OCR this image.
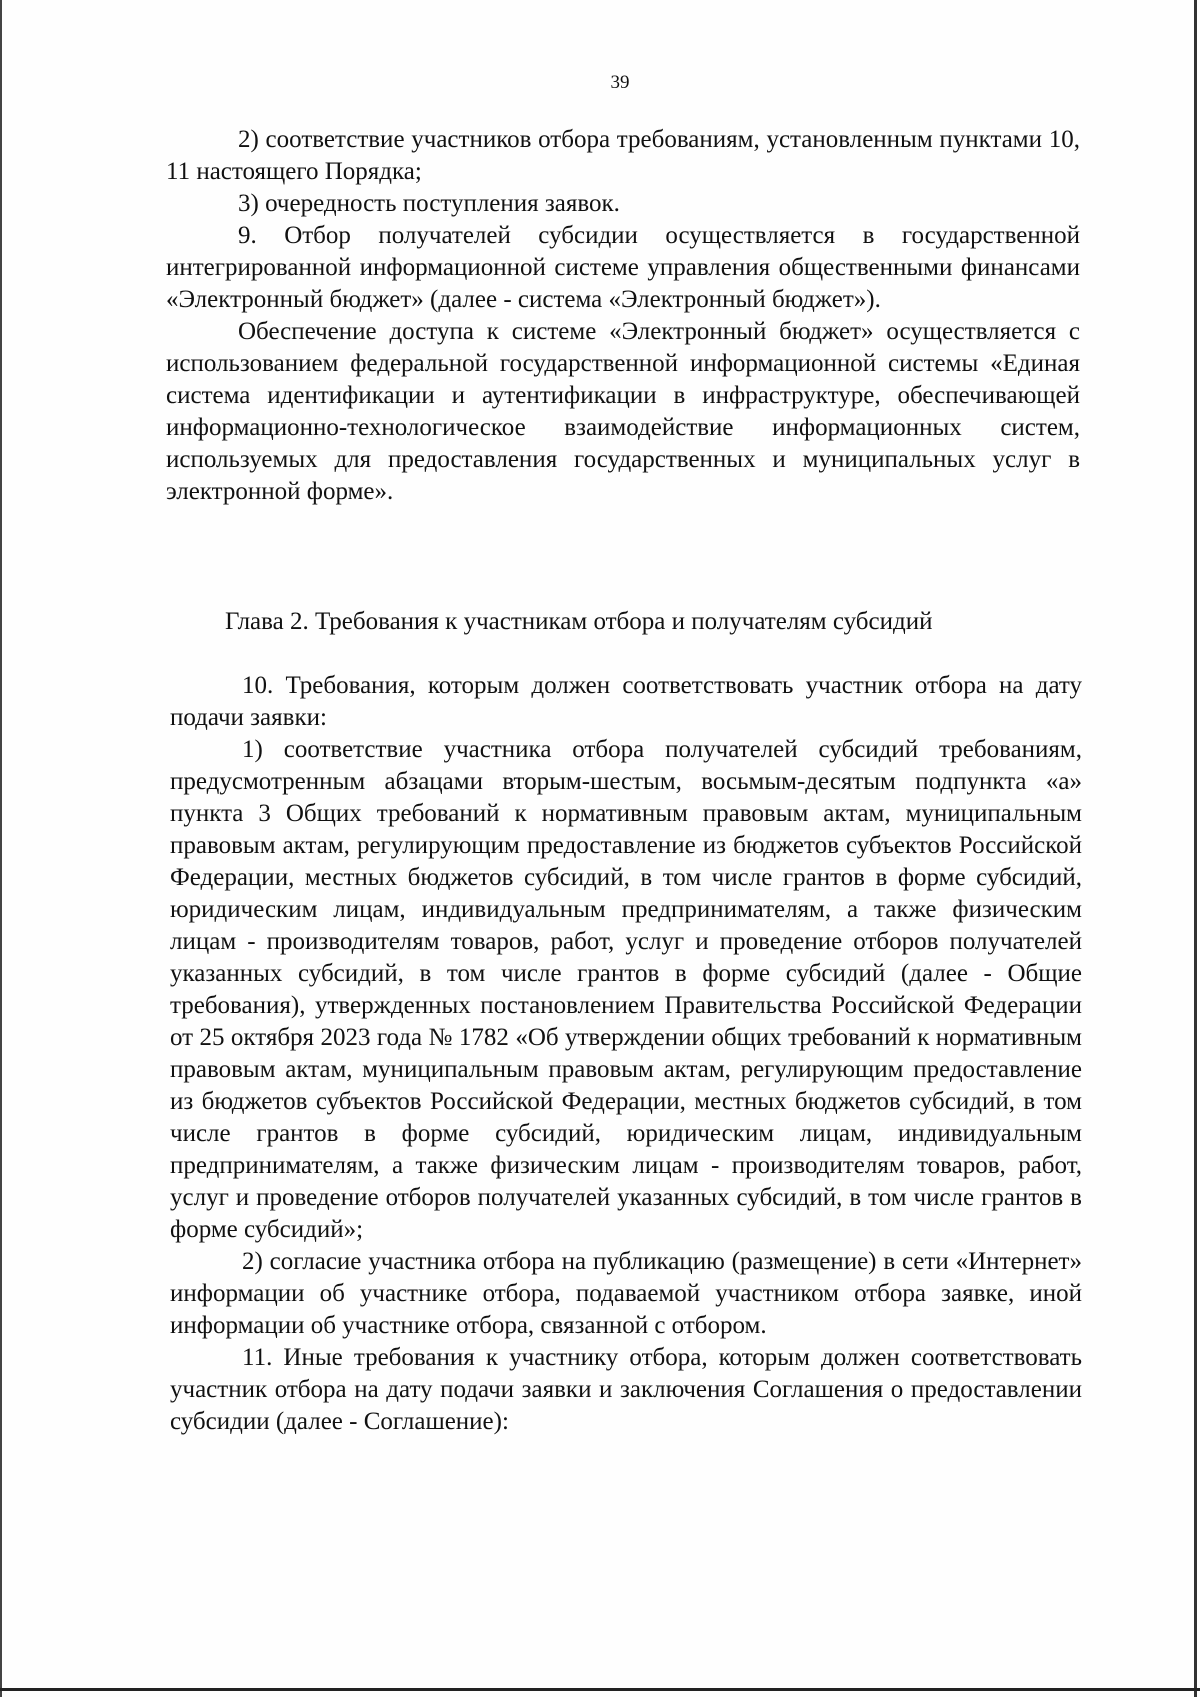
39

2) соответствие участников отбора требованиям, установленным пунктами 10, 11 настоящего Порядка;

3) очередность поступления заявок.

9. Отбор получателей субсидии осуществляется в государственной интегрированной информационной системе управления общественными финансами «Электронный бюджет» (далее - система «Электронный бюджет»).

Обеспечение доступа к системе «Электронный бюджет» осуществляется с использованием федеральной государственной информационной системы «Единая система идентификации и аутентификации в инфраструктуре, обеспечивающей информационно-технологическое взаимодействие информационных систем, используемых для предоставления государственных и муниципальных услуг в электронной форме».

Глава 2. Требования к участникам отбора и получателям субсидий

10. Требования, которым должен соответствовать участник отбора на дату подачи заявки:

1) соответствие участника отбора получателей субсидий требованиям, предусмотренным абзацами вторым-шестым, восьмым-десятым подпункта «а» пункта 3 Общих требований к нормативным правовым актам, муниципальным правовым актам, регулирующим предоставление из бюджетов субъектов Российской Федерации, местных бюджетов субсидий, в том числе грантов в форме субсидий, юридическим лицам, индивидуальным предпринимателям, а также физическим лицам - производителям товаров, работ, услуг и проведение отборов получателей указанных субсидий, в том числе грантов в форме субсидий (далее - Общие требования), утвержденных постановлением Правительства Российской Федерации от 25 октября 2023 года № 1782 «Об утверждении общих требований к нормативным правовым актам, муниципальным правовым актам, регулирующим предоставление из бюджетов субъектов Российской Федерации, местных бюджетов субсидий, в том числе грантов в форме субсидий, юридическим лицам, индивидуальным предпринимателям, а также физическим лицам - производителям товаров, работ, услуг и проведение отборов получателей указанных субсидий, в том числе грантов в форме субсидий»;

2) согласие участника отбора на публикацию (размещение) в сети «Интернет» информации об участнике отбора, подаваемой участником отбора заявке, иной информации об участнике отбора, связанной с отбором.

11. Иные требования к участнику отбора, которым должен соответствовать участник отбора на дату подачи заявки и заключения Соглашения о предоставлении субсидии (далее - Соглашение):
